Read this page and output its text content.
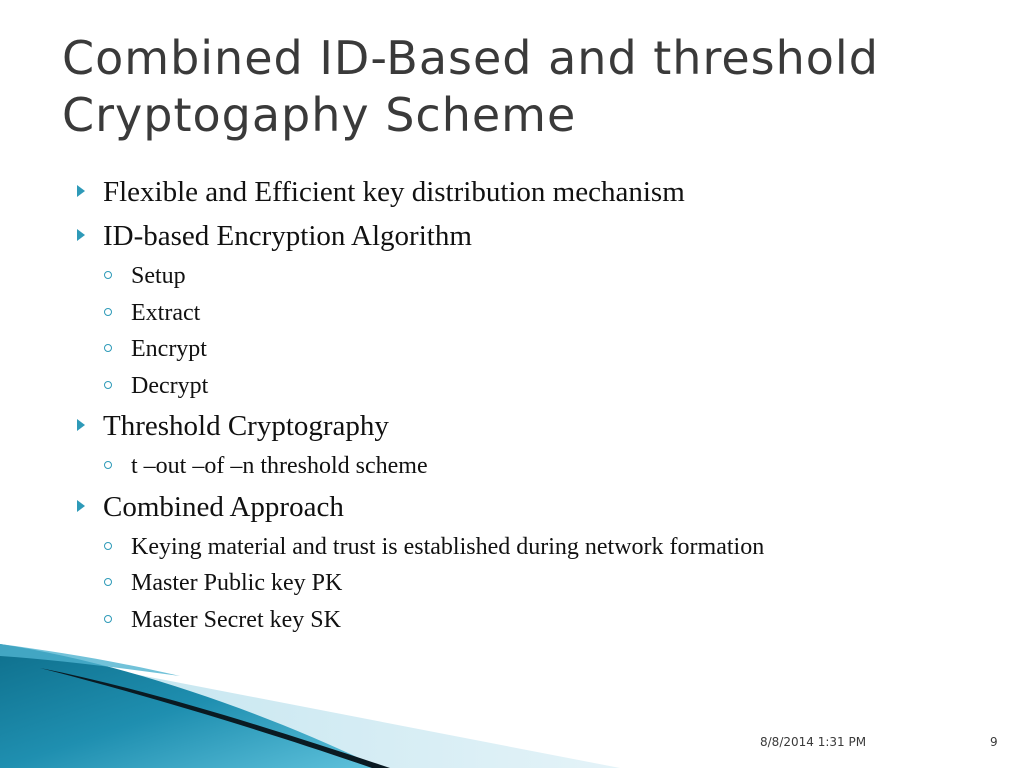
Combined ID-Based and threshold
Cryptogaphy Scheme
Flexible and Efficient key distribution mechanism
ID-based Encryption Algorithm
Setup
Extract
Encrypt
Decrypt
Threshold Cryptography
t –out –of –n threshold scheme
Combined Approach
Keying material and trust is established during network formation
Master Public key PK
Master Secret key SK
8/8/2014 1:31 PM	9
